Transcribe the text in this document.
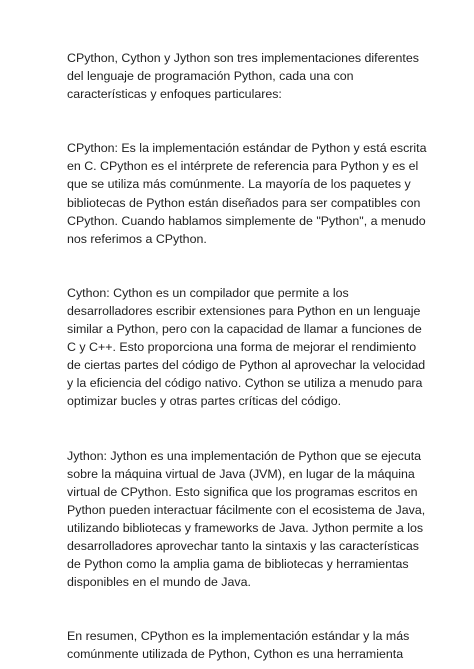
CPython, Cython y Jython son tres implementaciones diferentes
del lenguaje de programación Python, cada una con
características y enfoques particulares:

CPython: Es la implementación estándar de Python y está escrita
en C. CPython es el intérprete de referencia para Python y es el
que se utiliza más comúnmente. La mayoría de los paquetes y
bibliotecas de Python están diseñados para ser compatibles con
CPython. Cuando hablamos simplemente de "Python", a menudo
nos referimos a CPython.

Cython: Cython es un compilador que permite a los
desarrolladores escribir extensiones para Python en un lenguaje
similar a Python, pero con la capacidad de llamar a funciones de
C y C++. Esto proporciona una forma de mejorar el rendimiento
de ciertas partes del código de Python al aprovechar la velocidad
y la eficiencia del código nativo. Cython se utiliza a menudo para
optimizar bucles y otras partes críticas del código.

Jython: Jython es una implementación de Python que se ejecuta
sobre la máquina virtual de Java (JVM), en lugar de la máquina
virtual de CPython. Esto significa que los programas escritos en
Python pueden interactuar fácilmente con el ecosistema de Java,
utilizando bibliotecas y frameworks de Java. Jython permite a los
desarrolladores aprovechar tanto la sintaxis y las características
de Python como la amplia gama de bibliotecas y herramientas
disponibles en el mundo de Java.

En resumen, CPython es la implementación estándar y la más
comúnmente utilizada de Python, Cython es una herramienta
